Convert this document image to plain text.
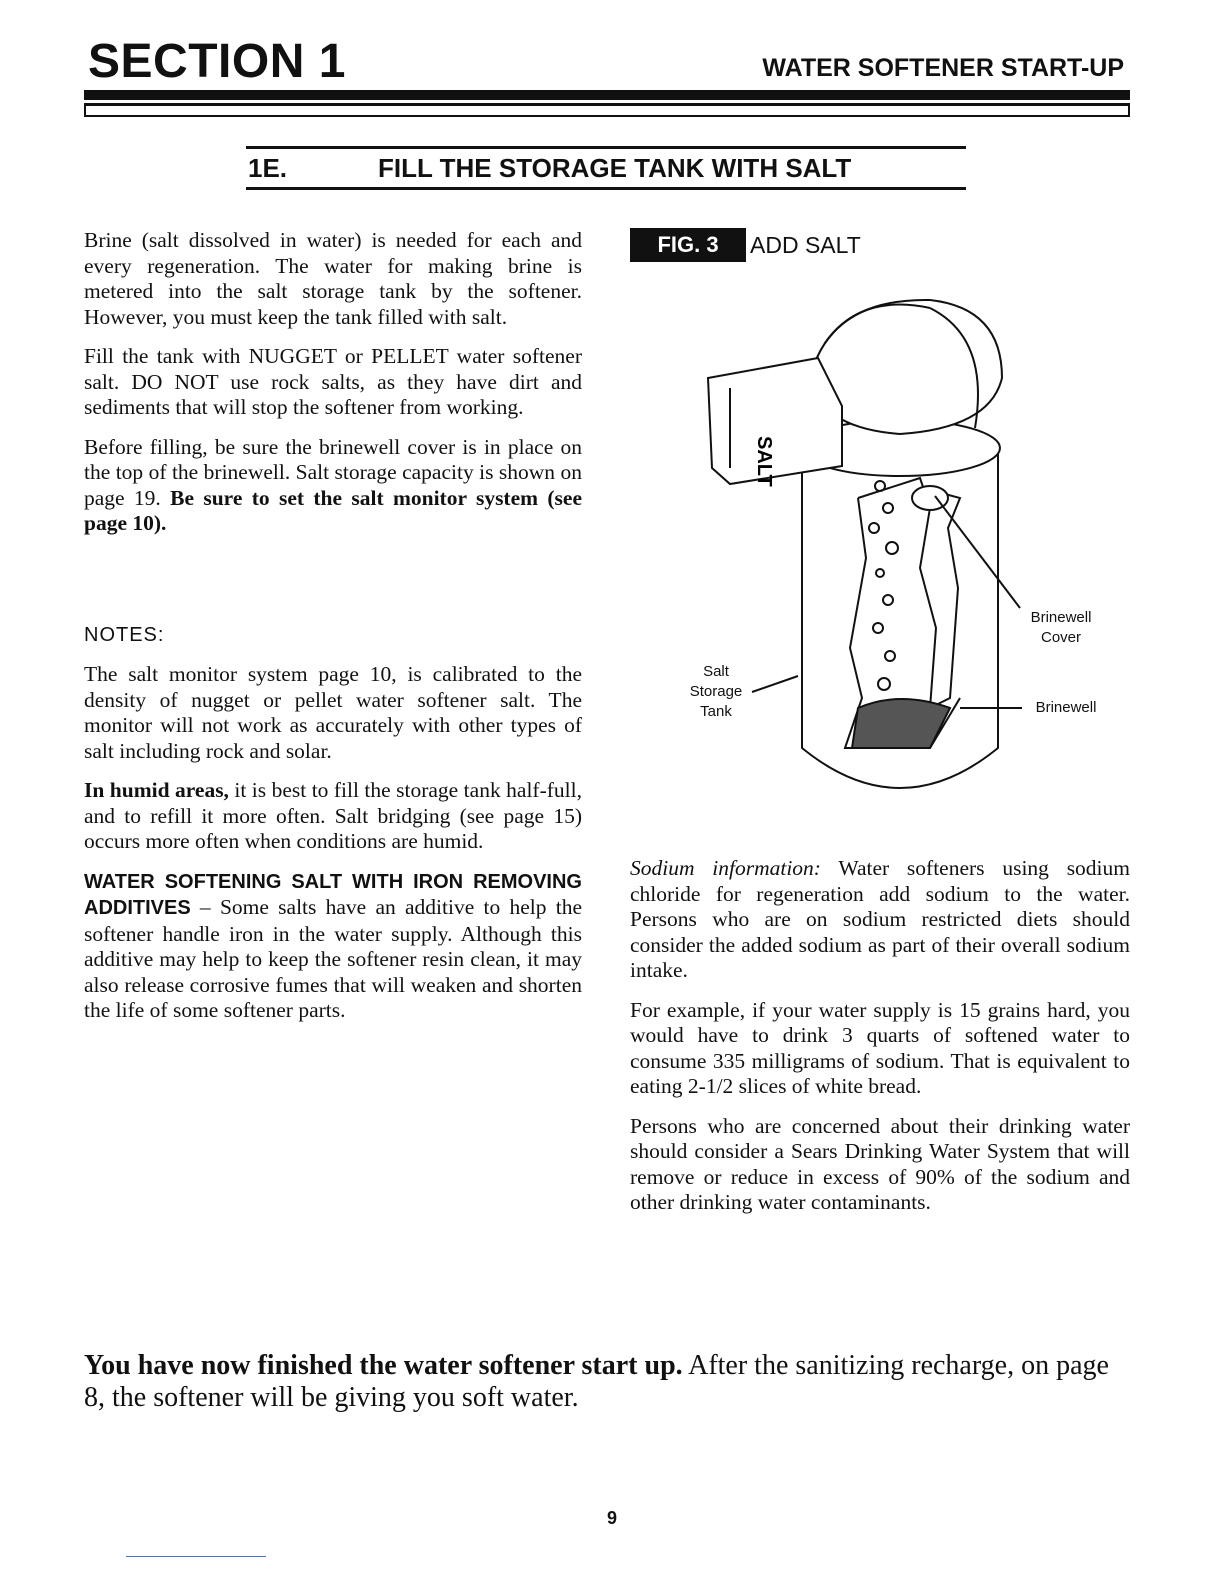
SECTION 1	WATER SOFTENER START-UP
1E.	FILL THE STORAGE TANK WITH SALT

Brine (salt dissolved in water) is needed for each and every regeneration. The water for making brine is metered into the salt storage tank by the softener. However, you must keep the tank filled with salt.

Fill the tank with NUGGET or PELLET water softener salt. DO NOT use rock salts, as they have dirt and sediments that will stop the softener from working.

Before filling, be sure the brinewell cover is in place on the top of the brinewell. Salt storage capacity is shown on page 19. Be sure to set the salt monitor system (see page 10).

NOTES:

The salt monitor system page 10, is calibrated to the density of nugget or pellet water softener salt. The monitor will not work as accurately with other types of salt including rock and solar.

In humid areas, it is best to fill the storage tank half-full, and to refill it more often. Salt bridging (see page 15) occurs more often when conditions are humid.

WATER SOFTENING SALT WITH IRON REMOVING ADDITIVES – Some salts have an additive to help the softener handle iron in the water supply. Although this additive may help to keep the softener resin clean, it may also release corrosive fumes that will weaken and shorten the life of some softener parts.

FIG. 3	ADD SALT
SALT
Salt
Storage
Tank
Brinewell
Cover
Brinewell

Sodium information: Water softeners using sodium chloride for regeneration add sodium to the water. Persons who are on sodium restricted diets should consider the added sodium as part of their overall sodium intake.

For example, if your water supply is 15 grains hard, you would have to drink 3 quarts of softened water to consume 335 milligrams of sodium. That is equivalent to eating 2-1/2 slices of white bread.

Persons who are concerned about their drinking water should consider a Sears Drinking Water System that will remove or reduce in excess of 90% of the sodium and other drinking water contaminants.

You have now finished the water softener start up. After the sanitizing recharge, on page 8, the softener will be giving you soft water.
9
